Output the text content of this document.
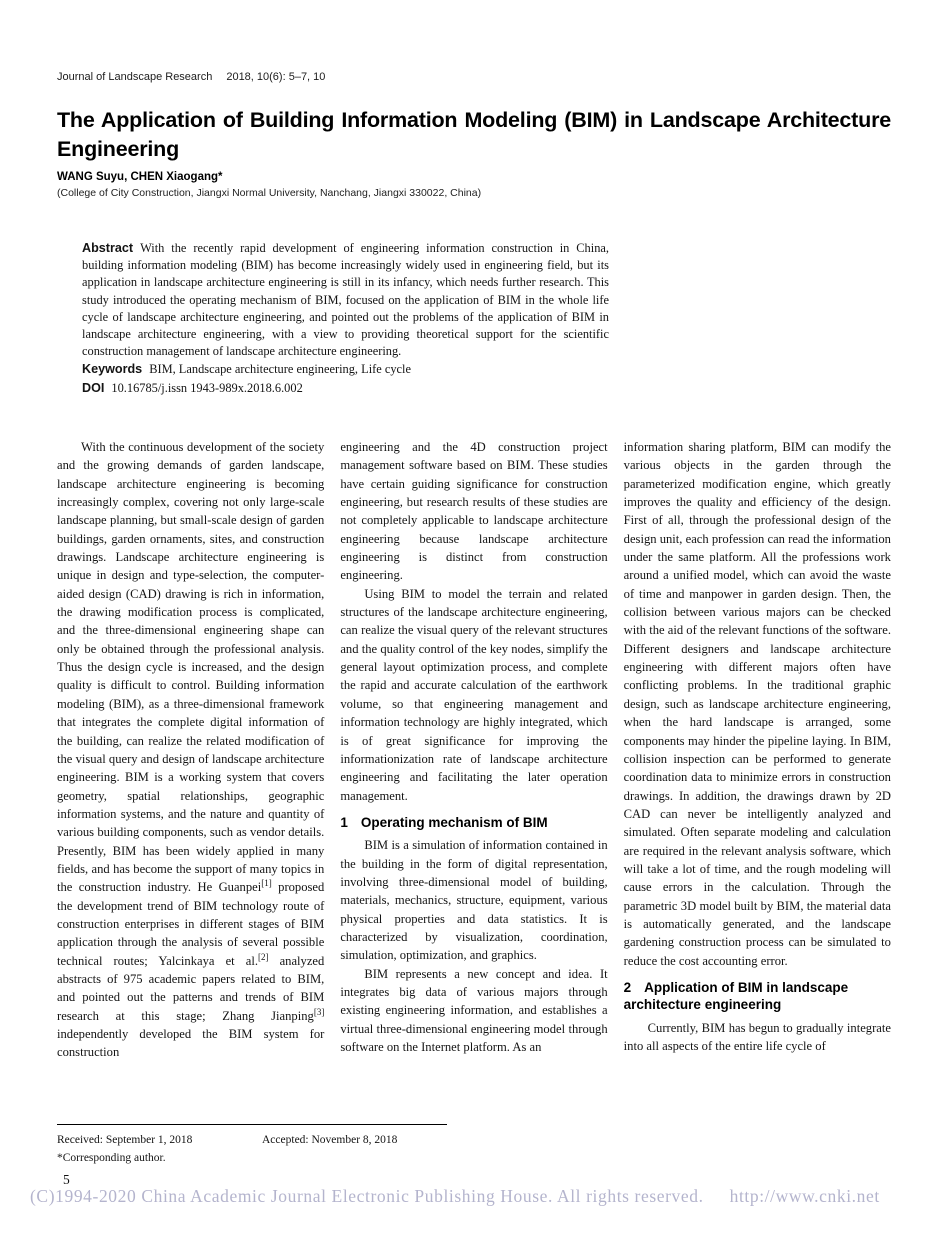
Journal of Landscape Research 2018, 10(6): 5–7, 10
The Application of Building Information Modeling (BIM) in Landscape Architecture Engineering
WANG Suyu, CHEN Xiaogang*
(College of City Construction, Jiangxi Normal University, Nanchang, Jiangxi 330022, China)

Abstract With the recently rapid development of engineering information construction in China, building information modeling (BIM) has become increasingly widely used in engineering field, but its application in landscape architecture engineering is still in its infancy, which needs further research. This study introduced the operating mechanism of BIM, focused on the application of BIM in the whole life cycle of landscape architecture engineering, and pointed out the problems of the application of BIM in landscape architecture engineering, with a view to providing theoretical support for the scientific construction management of landscape architecture engineering.

Keywords BIM, Landscape architecture engineering, Life cycle

DOI 10.16785/j.issn 1943-989x.2018.6.002

With the continuous development of the society and the growing demands of garden landscape, landscape architecture engineering is becoming increasingly complex, covering not only large-scale landscape planning, but small-scale design of garden buildings, garden ornaments, sites, and construction drawings. Landscape architecture engineering is unique in design and type-selection, the computer-aided design (CAD) drawing is rich in information, the drawing modification process is complicated, and the three-dimensional engineering shape can only be obtained through the professional analysis. Thus the design cycle is increased, and the design quality is difficult to control. Building information modeling (BIM), as a three-dimensional framework that integrates the complete digital information of the building, can realize the related modification of the visual query and design of landscape architecture engineering. BIM is a working system that covers geometry, spatial relationships, geographic information systems, and the nature and quantity of various building components, such as vendor details. Presently, BIM has been widely applied in many fields, and has become the support of many topics in the construction industry. He Guanpei[1] proposed the development trend of BIM technology route of construction enterprises in different stages of BIM application through the analysis of several possible technical routes; Yalcinkaya et al.[2] analyzed abstracts of 975 academic papers related to BIM, and pointed out the patterns and trends of BIM research at this stage; Zhang Jianping[3] independently developed the BIM system for construction

engineering and the 4D construction project management software based on BIM. These studies have certain guiding significance for construction engineering, but research results of these studies are not completely applicable to landscape architecture engineering because landscape architecture engineering is distinct from construction engineering.

Using BIM to model the terrain and related structures of the landscape architecture engineering, can realize the visual query of the relevant structures and the quality control of the key nodes, simplify the general layout optimization process, and complete the rapid and accurate calculation of the earthwork volume, so that engineering management and information technology are highly integrated, which is of great significance for improving the informationization rate of landscape architecture engineering and facilitating the later operation management.

1 Operating mechanism of BIM

BIM is a simulation of information contained in the building in the form of digital representation, involving three-dimensional model of building, materials, mechanics, structure, equipment, various physical properties and data statistics. It is characterized by visualization, coordination, simulation, optimization, and graphics.

BIM represents a new concept and idea. It integrates big data of various majors through existing engineering information, and establishes a virtual three-dimensional engineering model through software on the Internet platform. As an

information sharing platform, BIM can modify the various objects in the garden through the parameterized modification engine, which greatly improves the quality and efficiency of the design. First of all, through the professional design of the design unit, each profession can read the information under the same platform. All the professions work around a unified model, which can avoid the waste of time and manpower in garden design. Then, the collision between various majors can be checked with the aid of the relevant functions of the software. Different designers and landscape architecture engineering with different majors often have conflicting problems. In the traditional graphic design, such as landscape architecture engineering, when the hard landscape is arranged, some components may hinder the pipeline laying. In BIM, collision inspection can be performed to generate coordination data to minimize errors in construction drawings. In addition, the drawings drawn by 2D CAD can never be intelligently analyzed and simulated. Often separate modeling and calculation are required in the relevant analysis software, which will take a lot of time, and the rough modeling will cause errors in the calculation. Through the parametric 3D model built by BIM, the material data is automatically generated, and the landscape gardening construction process can be simulated to reduce the cost accounting error.

2 Application of BIM in landscape architecture engineering

Currently, BIM has begun to gradually integrate into all aspects of the entire life cycle of

Received: September 1, 2018	Accepted: November 8, 2018
*Corresponding author.
5
(C)1994-2020 China Academic Journal Electronic Publishing House. All rights reserved. http://www.cnki.net
